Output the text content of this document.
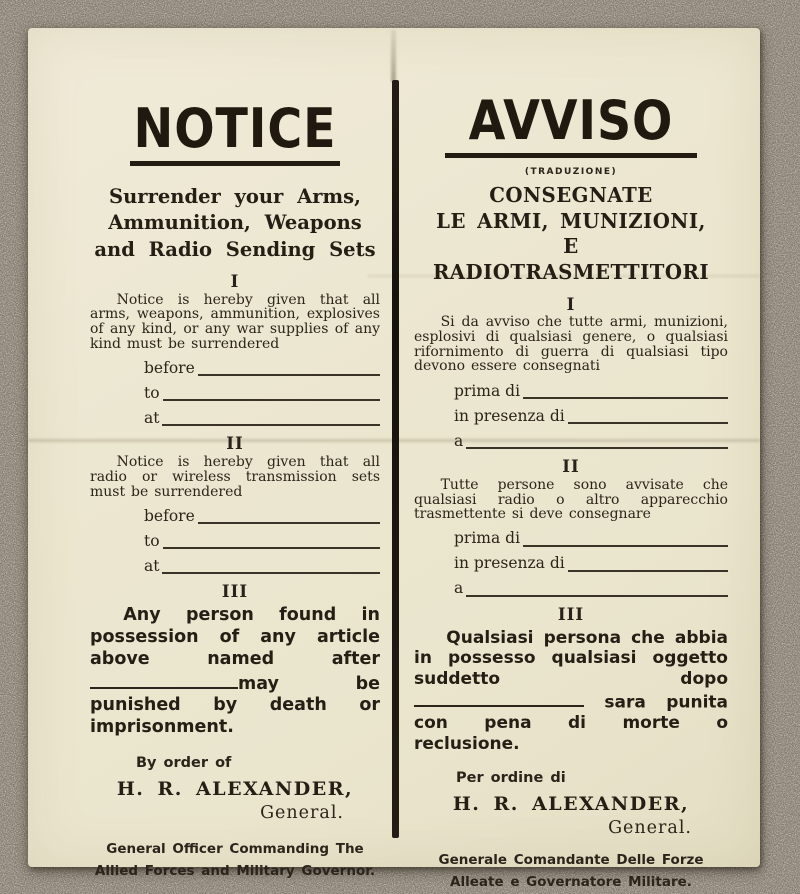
NOTICE
Surrender your Arms,
Ammunition, Weapons
and Radio Sending Sets
I

Notice is hereby given that all arms, weapons, ammunition, explosives of any kind, or any war supplies of any kind must be surrendered

before
to
at
II

Notice is hereby given that all radio or wireless transmission sets must be surrendered

before
to
at
III

Any person found in possession of any article above named after may be punished by death or imprisonment.

By order of
H. R. ALEXANDER,
General.
General Officer Commanding The
Allied Forces and Military Governor.
AVVISO
(TRADUZIONE)
CONSEGNATE
LE ARMI, MUNIZIONI,
E RADIOTRASMETTITORI
I

Si da avviso che tutte armi, munizioni, esplosivi di qualsiasi genere, o qualsiasi rifornimento di guerra di qualsiasi tipo devono essere consegnati

prima di
in presenza di
a
II

Tutte persone sono avvisate che qualsiasi radio o altro apparecchio trasmettente si deve consegnare

prima di
in presenza di
a
III

Qualsiasi persona che abbia in possesso qualsiasi oggetto suddetto dopo  sara punita con pena di morte o reclusione.

Per ordine di
H. R. ALEXANDER,
General.
Generale Comandante Delle Forze
Alleate e Governatore Militare.
